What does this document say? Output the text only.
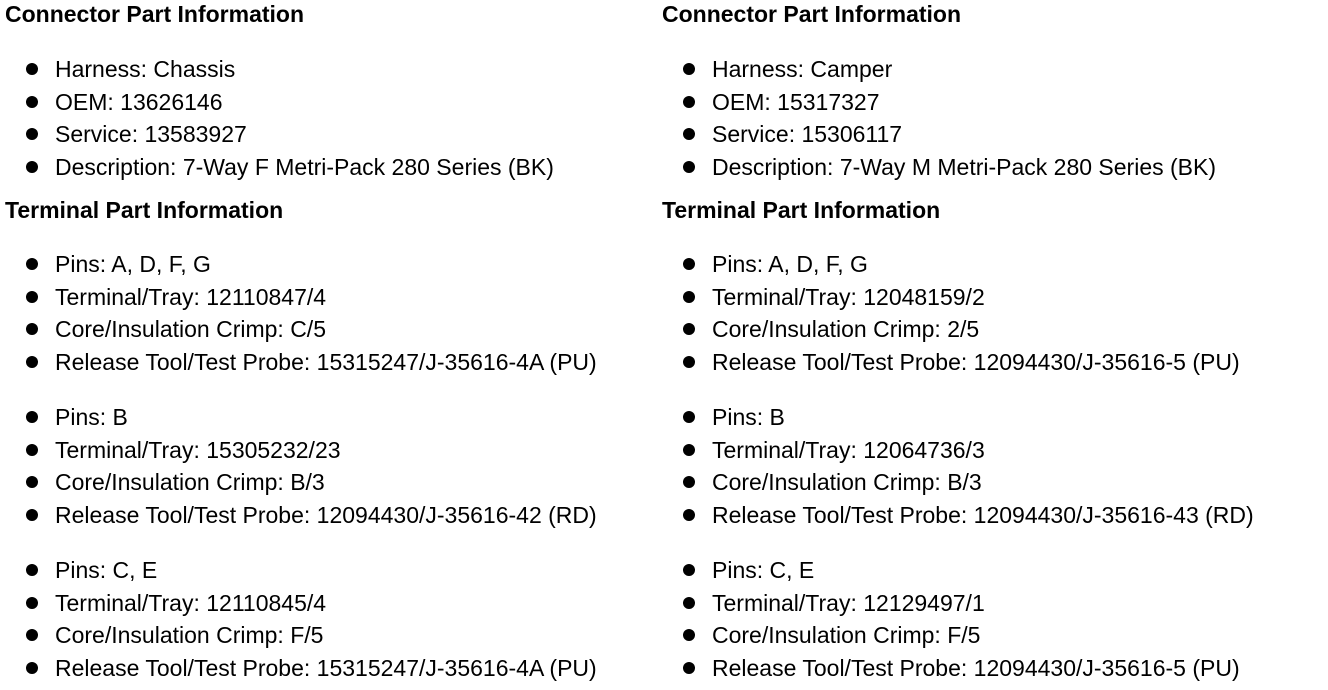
Connector Part Information
Harness: Chassis
OEM: 13626146
Service: 13583927
Description: 7-Way F Metri-Pack 280 Series (BK)
Terminal Part Information
Pins: A, D, F, G
Terminal/Tray: 12110847/4
Core/Insulation Crimp: C/5
Release Tool/Test Probe: 15315247/J-35616-4A (PU)
Pins: B
Terminal/Tray: 15305232/23
Core/Insulation Crimp: B/3
Release Tool/Test Probe: 12094430/J-35616-42 (RD)
Pins: C, E
Terminal/Tray: 12110845/4
Core/Insulation Crimp: F/5
Release Tool/Test Probe: 15315247/J-35616-4A (PU)
Connector Part Information
Harness: Camper
OEM: 15317327
Service: 15306117
Description: 7-Way M Metri-Pack 280 Series (BK)
Terminal Part Information
Pins: A, D, F, G
Terminal/Tray: 12048159/2
Core/Insulation Crimp: 2/5
Release Tool/Test Probe: 12094430/J-35616-5 (PU)
Pins: B
Terminal/Tray: 12064736/3
Core/Insulation Crimp: B/3
Release Tool/Test Probe: 12094430/J-35616-43 (RD)
Pins: C, E
Terminal/Tray: 12129497/1
Core/Insulation Crimp: F/5
Release Tool/Test Probe: 12094430/J-35616-5 (PU)
